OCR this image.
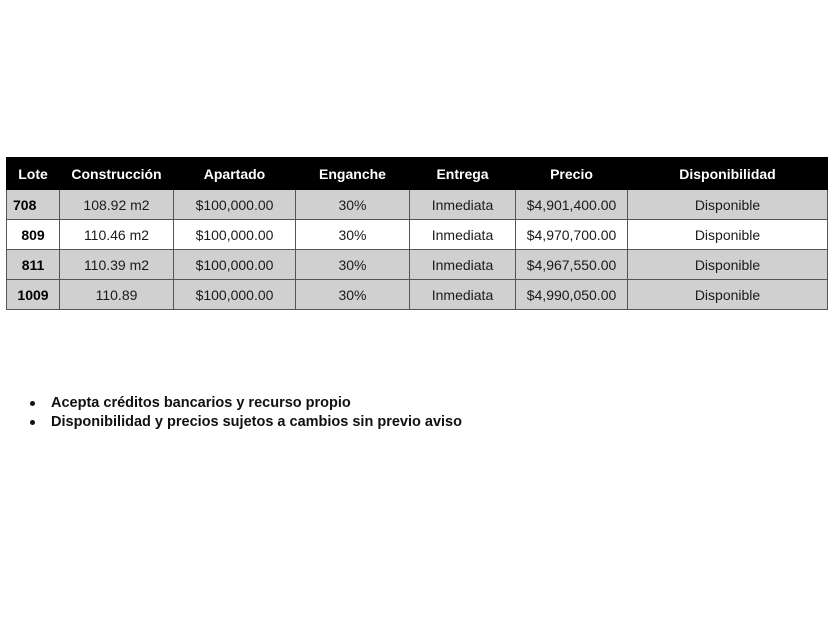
Lote	Construcción	Apartado	Enganche	Entrega	Precio	Disponibilidad
708	108.92 m2	$100,000.00	30%	Inmediata	$4,901,400.00	Disponible
809	110.46 m2	$100,000.00	30%	Inmediata	$4,970,700.00	Disponible
811	110.39 m2	$100,000.00	30%	Inmediata	$4,967,550.00	Disponible
1009	110.89	$100,000.00	30%	Inmediata	$4,990,050.00	Disponible
Acepta créditos bancarios y recurso propio
Disponibilidad y precios sujetos a cambios sin previo aviso
